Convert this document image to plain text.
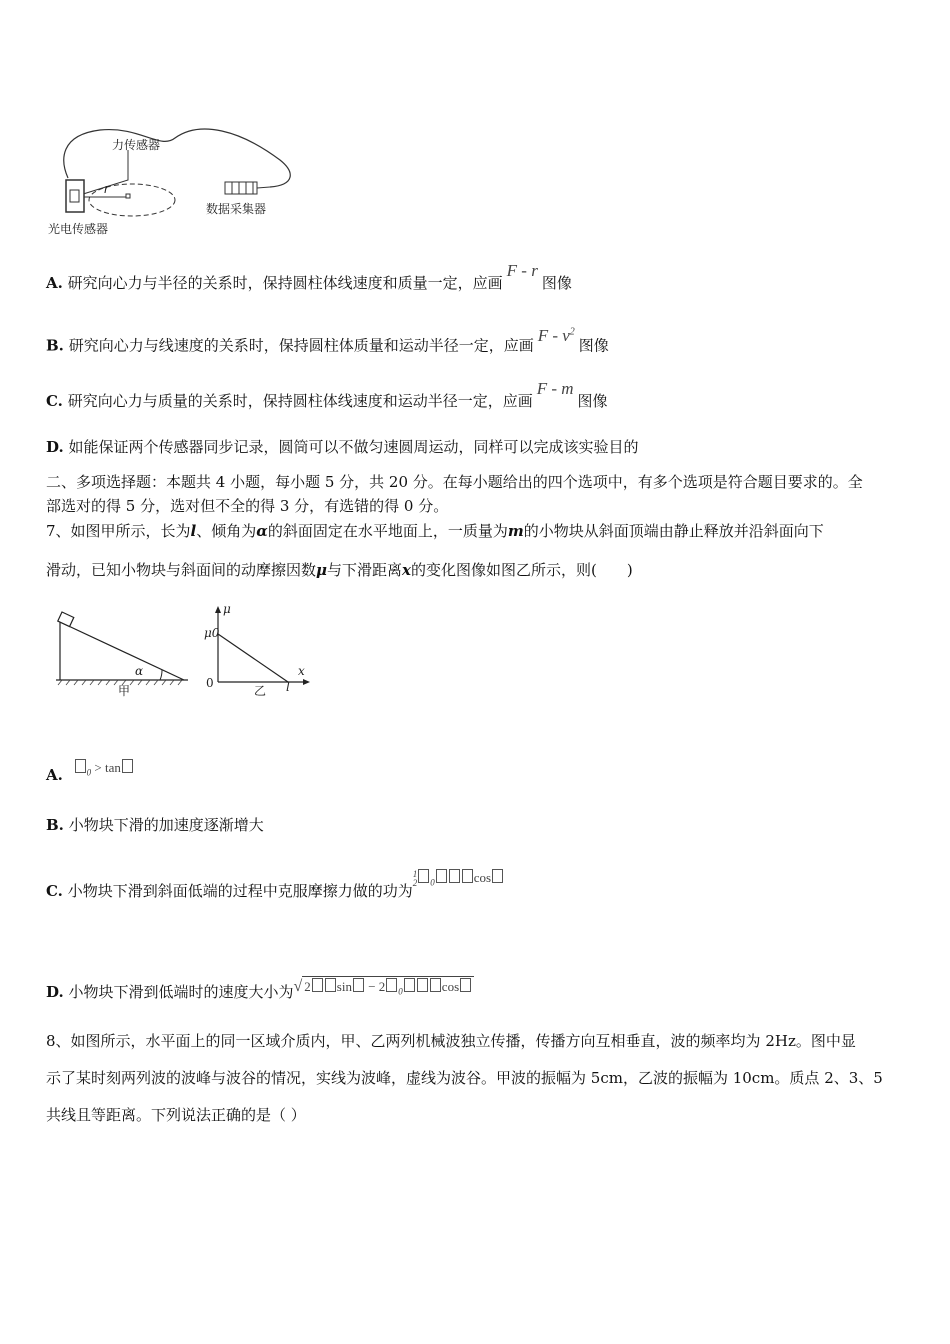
力传感器
数据采集器
光电传感器
r
A. 研究向心力与半径的关系时，保持圆柱体线速度和质量一定，应画F - r图像
B. 研究向心力与线速度的关系时，保持圆柱体质量和运动半径一定，应画F - $v^2$图像
C. 研究向心力与质量的关系时，保持圆柱体线速度和运动半径一定，应画F - m图像
D. 如能保证两个传感器同步记录，圆筒可以不做匀速圆周运动，同样可以完成该实验目的
二、多项选择题：本题共 4 小题，每小题 5 分，共 20 分。在每小题给出的四个选项中，有多个选项是符合题目要求的。全
部选对的得 5 分，选对但不全的得 3 分，有选错的得 0 分。
7、如图甲所示，长为l、倾角为α的斜面固定在水平地面上，一质量为m的小物块从斜面顶端由静止释放并沿斜面向下
滑动，已知小物块与斜面间的动摩擦因数μ与下滑距离x的变化图像如图乙所示，则(　　)
α
甲
μ
μ0
x
0	l
乙
A.	$_0$ > tan
B. 小物块下滑的加速度逐渐增大
C. 小物块下滑到斜面低端的过程中克服摩擦力做的功为1
2 $_0$	cos
D. 小物块下滑到低端时的速度大小为√ 2 sin − 2 $_0$	cos
8、如图所示，水平面上的同一区域介质内，甲、乙两列机械波独立传播，传播方向互相垂直，波的频率均为 2Hz。图中显
示了某时刻两列波的波峰与波谷的情况，实线为波峰，虚线为波谷。甲波的振幅为 5cm，乙波的振幅为 10cm。质点 2、3、5
共线且等距离。下列说法正确的是（ ）
